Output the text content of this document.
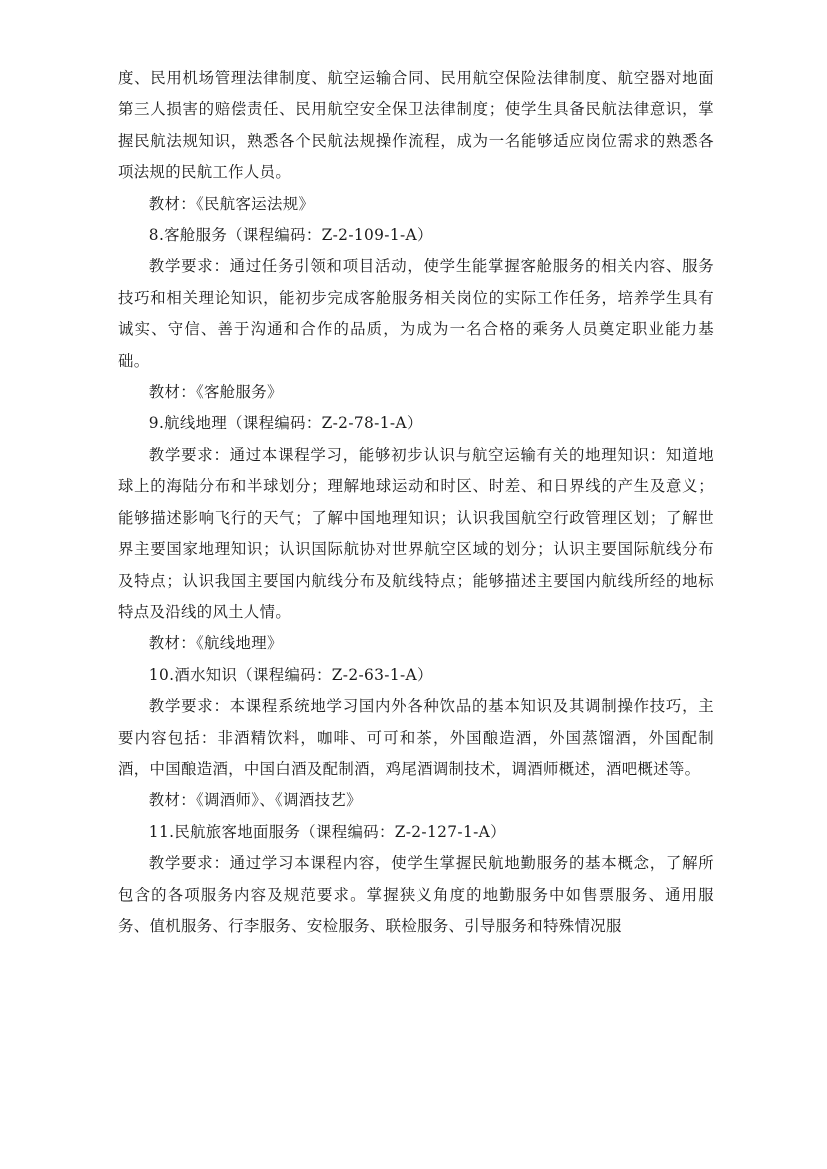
度、民用机场管理法律制度、航空运输合同、民用航空保险法律制度、航空器对地面第三人损害的赔偿责任、民用航空安全保卫法律制度；使学生具备民航法律意识，掌握民航法规知识，熟悉各个民航法规操作流程，成为一名能够适应岗位需求的熟悉各项法规的民航工作人员。

教材：《民航客运法规》

8.客舱服务（课程编码：Z-2-109-1-A）

教学要求：通过任务引领和项目活动，使学生能掌握客舱服务的相关内容、服务技巧和相关理论知识，能初步完成客舱服务相关岗位的实际工作任务，培养学生具有诚实、守信、善于沟通和合作的品质，为成为一名合格的乘务人员奠定职业能力基础。

教材：《客舱服务》

9.航线地理（课程编码：Z-2-78-1-A）

教学要求：通过本课程学习，能够初步认识与航空运输有关的地理知识：知道地球上的海陆分布和半球划分；理解地球运动和时区、时差、和日界线的产生及意义；能够描述影响飞行的天气；了解中国地理知识；认识我国航空行政管理区划；了解世界主要国家地理知识；认识国际航协对世界航空区域的划分；认识主要国际航线分布及特点；认识我国主要国内航线分布及航线特点；能够描述主要国内航线所经的地标特点及沿线的风土人情。

教材：《航线地理》

10.酒水知识（课程编码：Z-2-63-1-A）

教学要求：本课程系统地学习国内外各种饮品的基本知识及其调制操作技巧，主要内容包括：非酒精饮料，咖啡、可可和茶，外国酿造酒，外国蒸馏酒，外国配制酒，中国酿造酒，中国白酒及配制酒，鸡尾酒调制技术，调酒师概述，酒吧概述等。

教材：《调酒师》、《调酒技艺》

11.民航旅客地面服务（课程编码：Z-2-127-1-A）

教学要求：通过学习本课程内容，使学生掌握民航地勤服务的基本概念，了解所包含的各项服务内容及规范要求。掌握狭义角度的地勤服务中如售票服务、通用服务、值机服务、行李服务、安检服务、联检服务、引导服务和特殊情况服
